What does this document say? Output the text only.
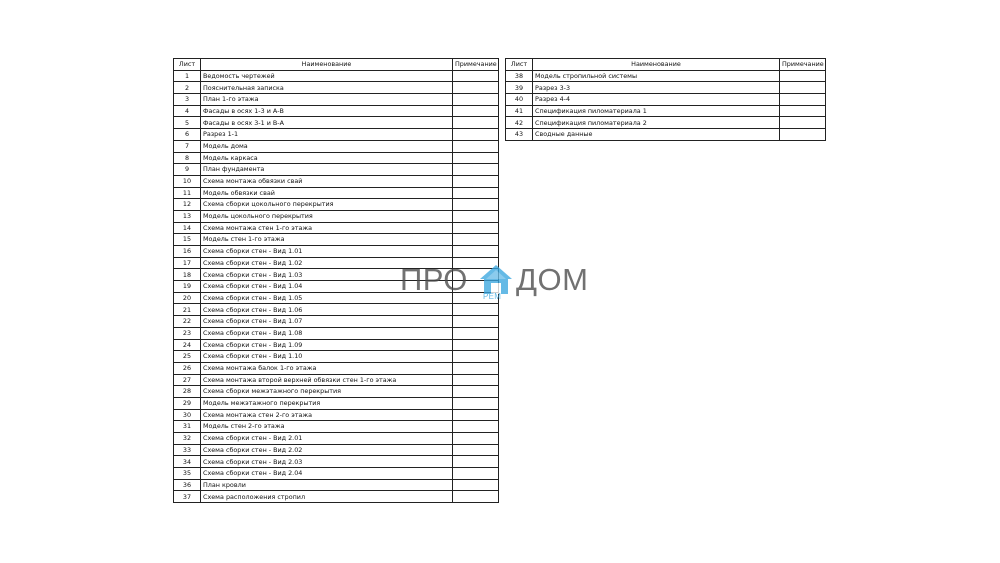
Лист	Наименование	Примечание
1	Ведомость чертежей	
2	Пояснительная записка	
3	План 1-го этажа	
4	Фасады в осях 1-3 и А-В	
5	Фасады в осях 3-1 и В-А	
6	Разрез 1-1	
7	Модель дома	
8	Модель каркаса	
9	План фундамента	
10	Схема монтажа обвязки свай	
11	Модель обвязки свай	
12	Схема сборки цокольного перекрытия	
13	Модель цокольного перекрытия	
14	Схема монтажа стен 1-го этажа	
15	Модель стен 1-го этажа	
16	Схема сборки стен - Вид 1.01	
17	Схема сборки стен - Вид 1.02	
18	Схема сборки стен - Вид 1.03	
19	Схема сборки стен - Вид 1.04	
20	Схема сборки стен - Вид 1.05	
21	Схема сборки стен - Вид 1.06	
22	Схема сборки стен - Вид 1.07	
23	Схема сборки стен - Вид 1.08	
24	Схема сборки стен - Вид 1.09	
25	Схема сборки стен - Вид 1.10	
26	Схема монтажа балок 1-го этажа	
27	Схема монтажа второй верхней обвязки стен 1-го этажа	
28	Схема сборки межэтажного перекрытия	
29	Модель межэтажного перекрытия	
30	Схема монтажа стен 2-го этажа	
31	Модель стен 2-го этажа	
32	Схема сборки стен - Вид 2.01	
33	Схема сборки стен - Вид 2.02	
34	Схема сборки стен - Вид 2.03	
35	Схема сборки стен - Вид 2.04	
36	План кровли	
37	Схема расположения стропил	
Лист	Наименование	Примечание
38	Модель стропильной системы	
39	Разрез 3-3	
40	Разрез 4-4	
41	Спецификация пиломатериала 1	
42	Спецификация пиломатериала 2	
43	Сводные данные	
ПРО РЕМ ДОМ
